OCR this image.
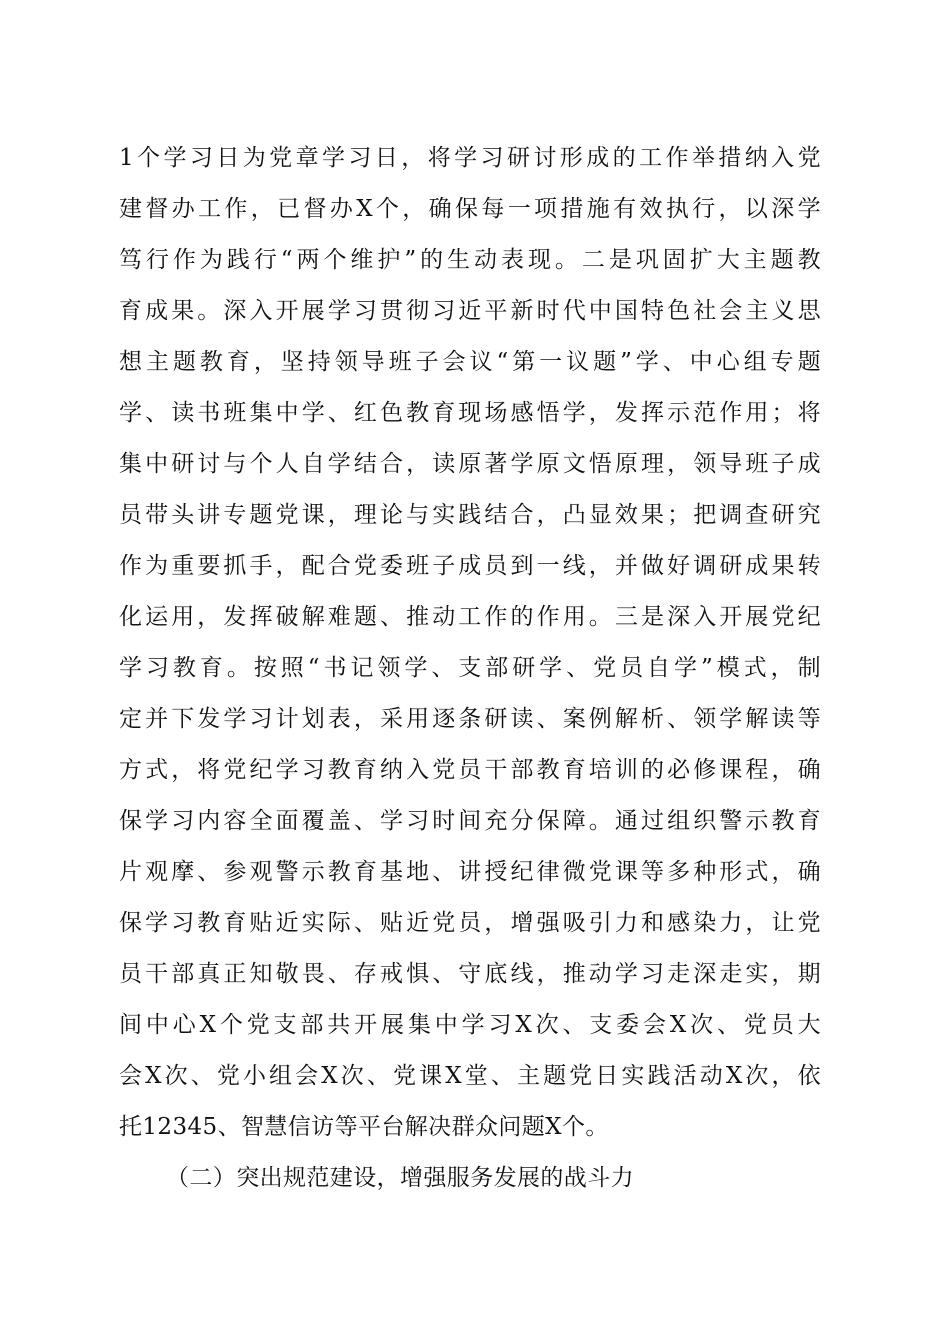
1个学习日为党章学习日，将学习研讨形成的工作举措纳入党
建督办工作，已督办X个，确保每一项措施有效执行，以深学
笃行作为践行“两个维护”的生动表现。二是巩固扩大主题教
育成果。深入开展学习贯彻习近平新时代中国特色社会主义思
想主题教育，坚持领导班子会议“第一议题”学、中心组专题
学、读书班集中学、红色教育现场感悟学，发挥示范作用；将
集中研讨与个人自学结合，读原著学原文悟原理，领导班子成
员带头讲专题党课，理论与实践结合，凸显效果；把调查研究
作为重要抓手，配合党委班子成员到一线，并做好调研成果转
化运用，发挥破解难题、推动工作的作用。三是深入开展党纪
学习教育。按照“书记领学、支部研学、党员自学”模式，制
定并下发学习计划表，采用逐条研读、案例解析、领学解读等
方式，将党纪学习教育纳入党员干部教育培训的必修课程，确
保学习内容全面覆盖、学习时间充分保障。通过组织警示教育
片观摩、参观警示教育基地、讲授纪律微党课等多种形式，确
保学习教育贴近实际、贴近党员，增强吸引力和感染力，让党
员干部真正知敬畏、存戒惧、守底线，推动学习走深走实，期
间中心X个党支部共开展集中学习X次、支委会X次、党员大
会X次、党小组会X次、党课X堂、主题党日实践活动X次，依
托12345、智慧信访等平台解决群众问题X个。
（二）突出规范建设，增强服务发展的战斗力
